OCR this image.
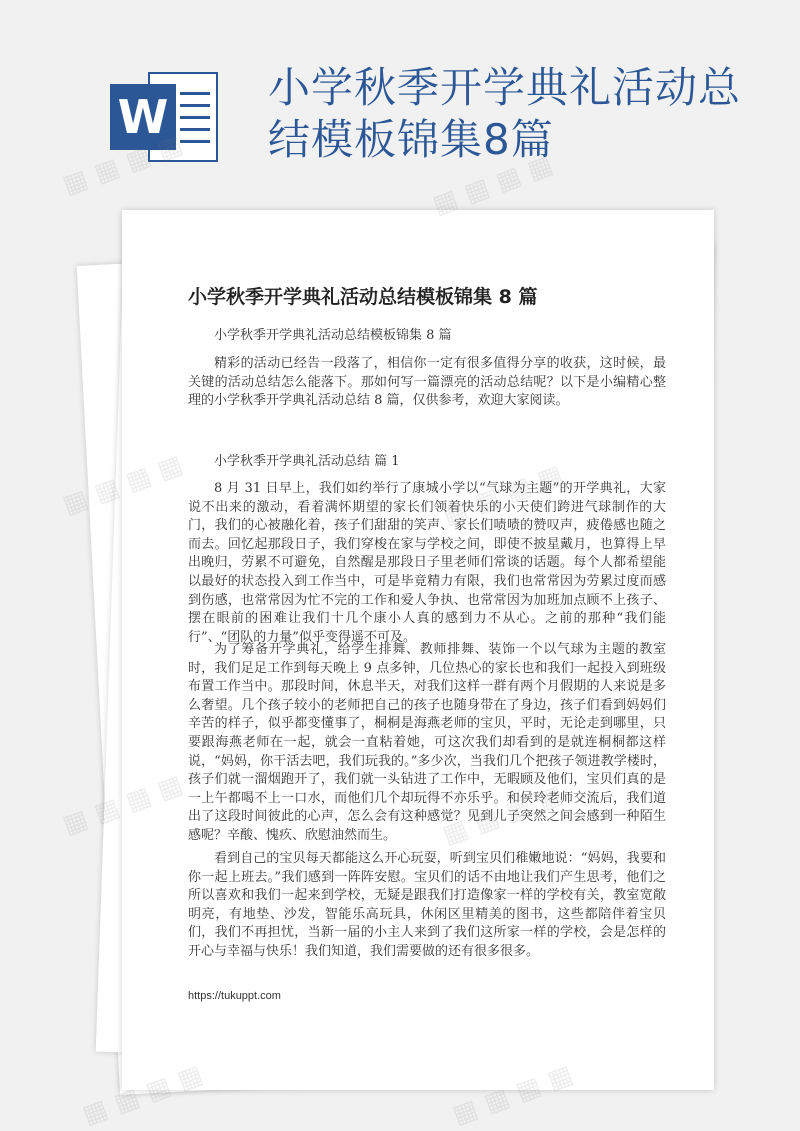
W
小学秋季开学典礼活动总结模板锦集8篇
小学秋季开学典礼活动总结模板锦集 8 篇

小学秋季开学典礼活动总结模板锦集 8 篇

精彩的活动已经告一段落了，相信你一定有很多值得分享的收获，这时候，最关键的活动总结怎么能落下。那如何写一篇漂亮的活动总结呢？以下是小编精心整理的小学秋季开学典礼活动总结 8 篇，仅供参考，欢迎大家阅读。

小学秋季开学典礼活动总结 篇 1

8 月 31 日早上，我们如约举行了康城小学以“气球为主题”的开学典礼，大家说不出来的激动，看着满怀期望的家长们领着快乐的小天使们跨进气球制作的大门，我们的心被融化着，孩子们甜甜的笑声、家长们啧啧的赞叹声，疲倦感也随之而去。回忆起那段日子，我们穿梭在家与学校之间，即使不披星戴月，也算得上早出晚归，劳累不可避免，自然醒是那段日子里老师们常谈的话题。每个人都希望能以最好的状态投入到工作当中，可是毕竟精力有限，我们也常常因为劳累过度而感到伤感，也常常因为忙不完的工作和爱人争执、也常常因为加班加点顾不上孩子、摆在眼前的困难让我们十几个康小人真的感到力不从心。之前的那种“我们能行”、“团队的力量”似乎变得遥不可及。

为了筹备开学典礼，给学生排舞、教师排舞、装饰一个以气球为主题的教室时，我们足足工作到每天晚上 9 点多钟，几位热心的家长也和我们一起投入到班级布置工作当中。那段时间，休息半天，对我们这样一群有两个月假期的人来说是多么奢望。几个孩子较小的老师把自己的孩子也随身带在了身边，孩子们看到妈妈们辛苦的样子，似乎都变懂事了，桐桐是海燕老师的宝贝，平时，无论走到哪里，只要跟海燕老师在一起，就会一直粘着她，可这次我们却看到的是就连桐桐都这样说，“妈妈，你干活去吧，我们玩我的。”多少次，当我们几个把孩子领进教学楼时，孩子们就一溜烟跑开了，我们就一头钻进了工作中，无暇顾及他们，宝贝们真的是一上午都喝不上一口水，而他们几个却玩得不亦乐乎。和侯玲老师交流后，我们道出了这段时间彼此的心声，怎么会有这种感觉？见到儿子突然之间会感到一种陌生感呢？辛酸、愧疚、欣慰油然而生。

看到自己的宝贝每天都能这么开心玩耍，听到宝贝们稚嫩地说：“妈妈，我要和你一起上班去。”我们感到一阵阵安慰。宝贝们的话不由地让我们产生思考，他们之所以喜欢和我们一起来到学校，无疑是跟我们打造像家一样的学校有关，教室宽敞明亮，有地垫、沙发，智能乐高玩具，休闲区里精美的图书，这些都陪伴着宝贝们，我们不再担忧，当新一届的小主人来到了我们这所家一样的学校，会是怎样的开心与幸福与快乐！我们知道，我们需要做的还有很多很多。

https://tukuppt.com
▦ ▦ ▦ ▦	▦ ▦ ▦ ▦
▦
▦
▦ ▦ ▦ ▦	▦ ▦ ▦ ▦
